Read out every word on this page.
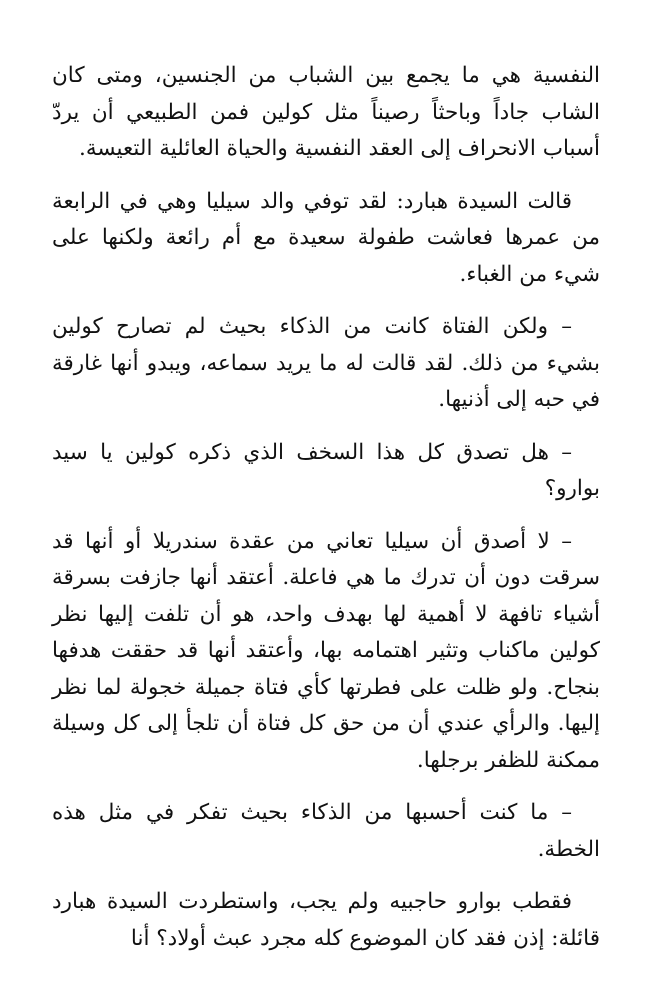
النفسية هي ما يجمع بين الشباب من الجنسين، ومتى كان الشاب جاداً وباحثاً رصيناً مثل كولين فمن الطبيعي أن يردّ أسباب الانحراف إلى العقد النفسية والحياة العائلية التعيسة.

قالت السيدة هبارد: لقد توفي والد سيليا وهي في الرابعة من عمرها فعاشت طفولة سعيدة مع أم رائعة ولكنها على شيء من الغباء.

– ولكن الفتاة كانت من الذكاء بحيث لم تصارح كولين بشيء من ذلك. لقد قالت له ما يريد سماعه، ويبدو أنها غارقة في حبه إلى أذنيها.

– هل تصدق كل هذا السخف الذي ذكره كولين يا سيد بوارو؟

– لا أصدق أن سيليا تعاني من عقدة سندريلا أو أنها قد سرقت دون أن تدرك ما هي فاعلة. أعتقد أنها جازفت بسرقة أشياء تافهة لا أهمية لها بهدف واحد، هو أن تلفت إليها نظر كولين ماكناب وتثير اهتمامه بها، وأعتقد أنها قد حققت هدفها بنجاح. ولو ظلت على فطرتها كأي فتاة جميلة خجولة لما نظر إليها. والرأي عندي أن من حق كل فتاة أن تلجأ إلى كل وسيلة ممكنة للظفر برجلها.

– ما كنت أحسبها من الذكاء بحيث تفكر في مثل هذه الخطة.

فقطب بوارو حاجبيه ولم يجب، واستطردت السيدة هبارد قائلة: إذن فقد كان الموضوع كله مجرد عبث أولاد؟ أنا
